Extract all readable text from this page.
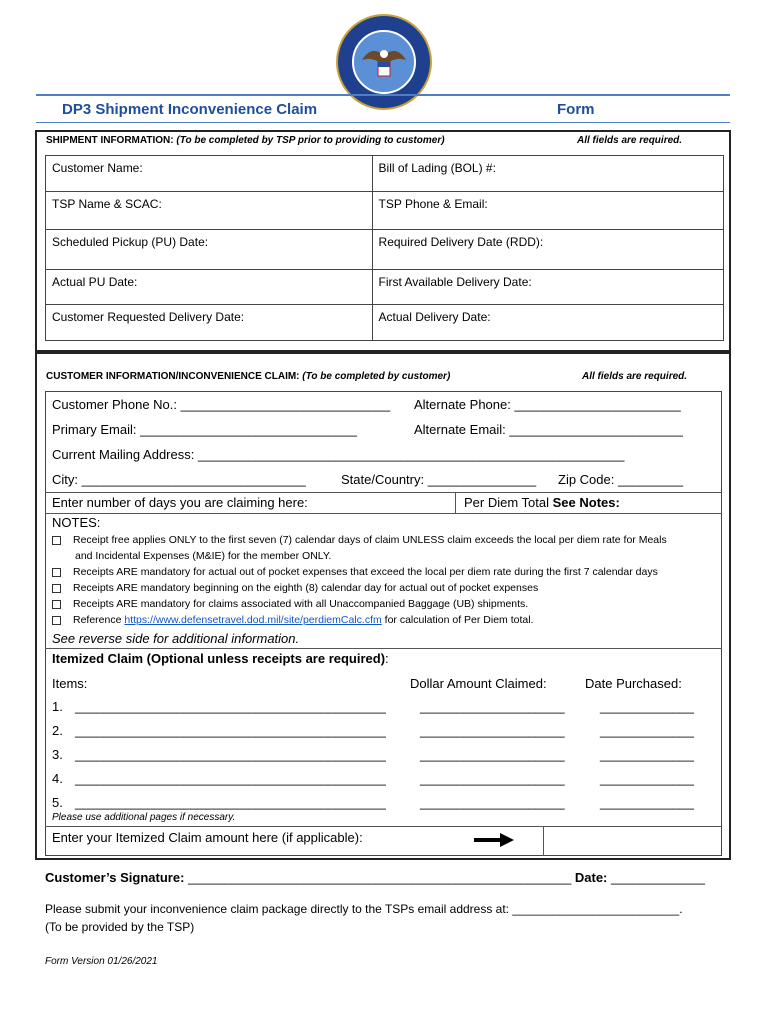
DP3 Shipment Inconvenience Claim	Form
SHIPMENT INFORMATION: (To be completed by TSP prior to providing to customer)	All fields are required.
Customer Name:	Bill of Lading (BOL) #:
TSP Name & SCAC:	TSP Phone & Email:
Scheduled Pickup (PU) Date:	Required Delivery Date (RDD):
Actual PU Date:	First Available Delivery Date:
Customer Requested Delivery Date:	Actual Delivery Date:
CUSTOMER INFORMATION/INCONVENIENCE CLAIM: (To be completed by customer)	All fields are required.
Customer Phone No.: _____________________________ Alternate Phone: _______________________
Primary Email: ______________________________	Alternate Email: ________________________
Current Mailing Address: ___________________________________________________________
City: _______________________________	State/Country: _______________ Zip Code: _________
Enter number of days you are claiming here:	Per Diem Total See Notes:
NOTES:
Receipt free applies ONLY to the first seven (7) calendar days of claim UNLESS claim exceeds the local per diem rate for Meals
and Incidental Expenses (M&IE) for the member ONLY.
Receipts ARE mandatory for actual out of pocket expenses that exceed the local per diem rate during the first 7 calendar days
Receipts ARE mandatory beginning on the eighth (8) calendar day for actual out of pocket expenses
Receipts ARE mandatory for claims associated with all Unaccompanied Baggage (UB) shipments.
Reference https://www.defensetravel.dod.mil/site/perdiemCalc.cfm for calculation of Per Diem total.
See reverse side for additional information.
Itemized Claim (Optional unless receipts are required):
Items:	Dollar Amount Claimed:	Date Purchased:
1. ___________________________________________	____________________	_____________
2. ___________________________________________	____________________	_____________
3. ___________________________________________	____________________	_____________
4. ___________________________________________	____________________	_____________
5. ___________________________________________	____________________	_____________
Please use additional pages if necessary.
Enter your Itemized Claim amount here (if applicable):
Customer’s Signature: _____________________________________________________ Date: _____________
Please submit your inconvenience claim package directly to the TSPs email address at: _________________________.
(To be provided by the TSP)
Form Version 01/26/2021
